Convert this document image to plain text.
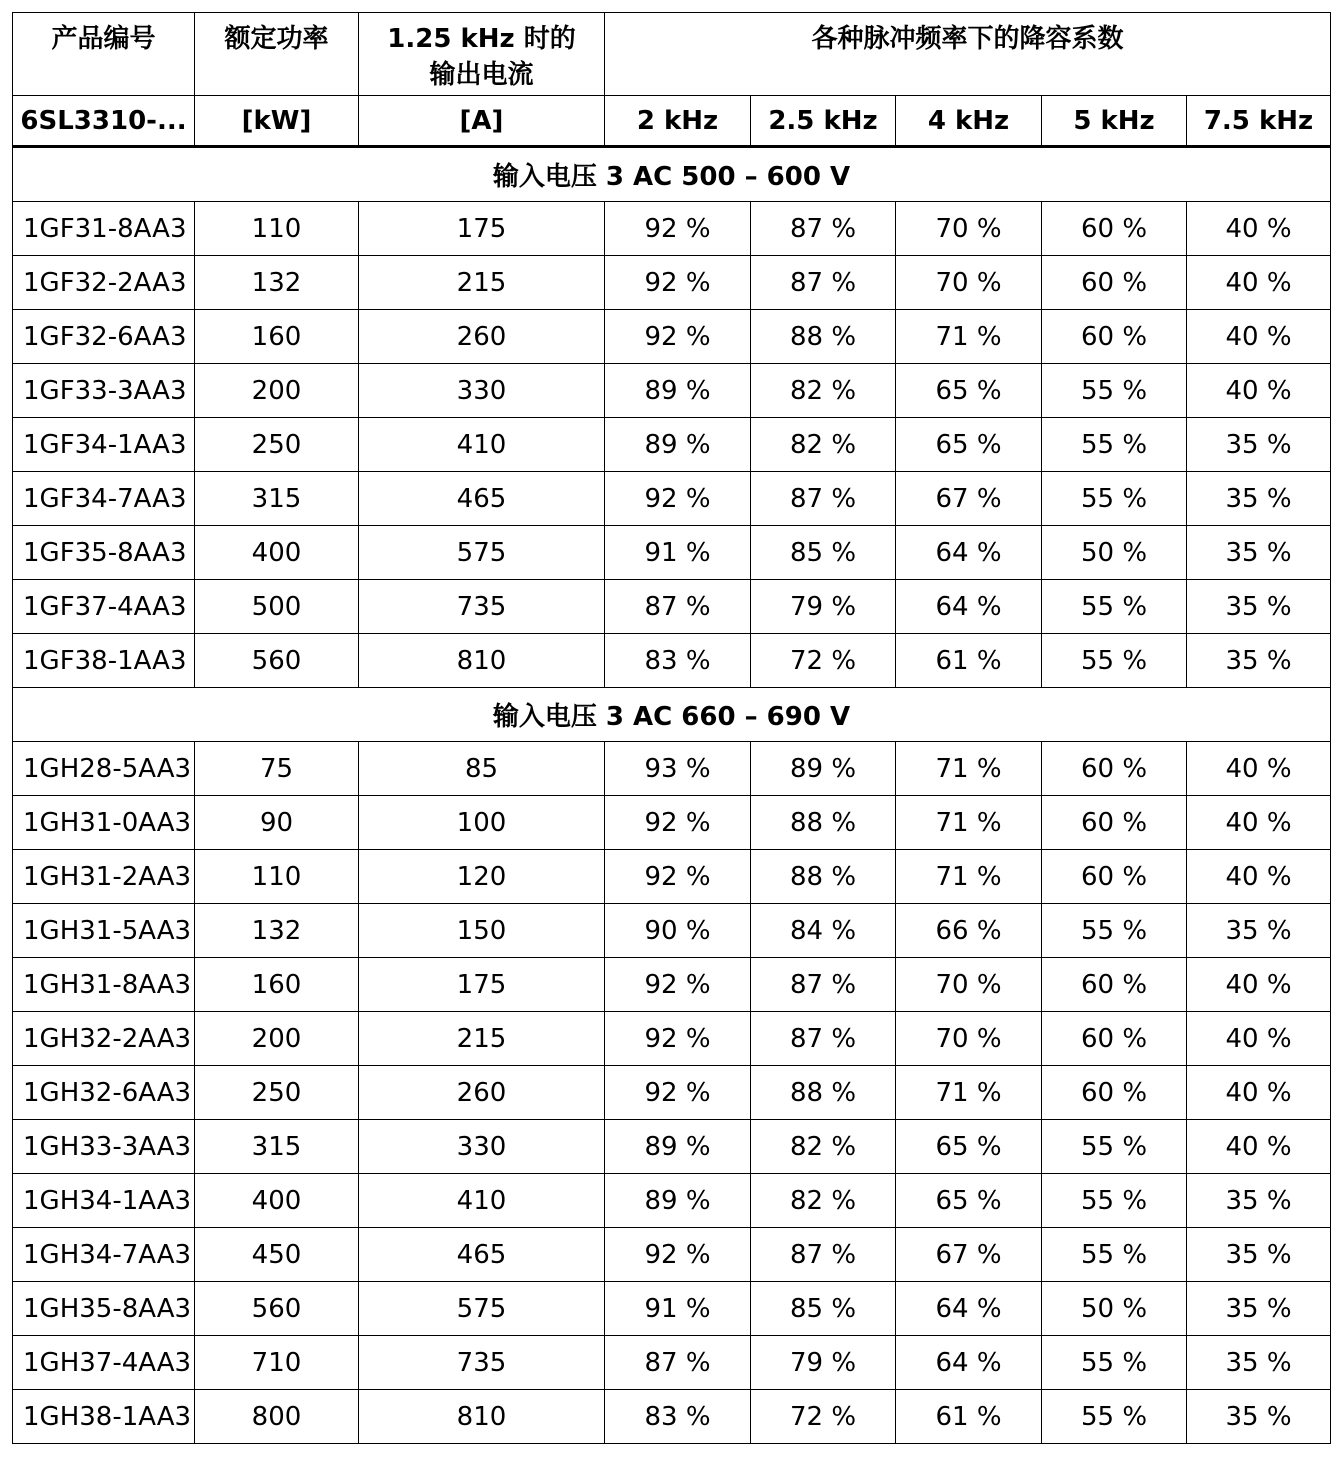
产品编号	额定功率	1.25 kHz 时的
输出电流	各种脉冲频率下的降容系数				
6SL3310-...	[kW]	[A]	2 kHz	2.5 kHz	4 kHz	5 kHz	7.5 kHz
输入电压 3 AC 500 – 600 V							
1GF31-8AA3	110	175	92 %	87 %	70 %	60 %	40 %
1GF32-2AA3	132	215	92 %	87 %	70 %	60 %	40 %
1GF32-6AA3	160	260	92 %	88 %	71 %	60 %	40 %
1GF33-3AA3	200	330	89 %	82 %	65 %	55 %	40 %
1GF34-1AA3	250	410	89 %	82 %	65 %	55 %	35 %
1GF34-7AA3	315	465	92 %	87 %	67 %	55 %	35 %
1GF35-8AA3	400	575	91 %	85 %	64 %	50 %	35 %
1GF37-4AA3	500	735	87 %	79 %	64 %	55 %	35 %
1GF38-1AA3	560	810	83 %	72 %	61 %	55 %	35 %
输入电压 3 AC 660 – 690 V							
1GH28-5AA3	75	85	93 %	89 %	71 %	60 %	40 %
1GH31-0AA3	90	100	92 %	88 %	71 %	60 %	40 %
1GH31-2AA3	110	120	92 %	88 %	71 %	60 %	40 %
1GH31-5AA3	132	150	90 %	84 %	66 %	55 %	35 %
1GH31-8AA3	160	175	92 %	87 %	70 %	60 %	40 %
1GH32-2AA3	200	215	92 %	87 %	70 %	60 %	40 %
1GH32-6AA3	250	260	92 %	88 %	71 %	60 %	40 %
1GH33-3AA3	315	330	89 %	82 %	65 %	55 %	40 %
1GH34-1AA3	400	410	89 %	82 %	65 %	55 %	35 %
1GH34-7AA3	450	465	92 %	87 %	67 %	55 %	35 %
1GH35-8AA3	560	575	91 %	85 %	64 %	50 %	35 %
1GH37-4AA3	710	735	87 %	79 %	64 %	55 %	35 %
1GH38-1AA3	800	810	83 %	72 %	61 %	55 %	35 %
